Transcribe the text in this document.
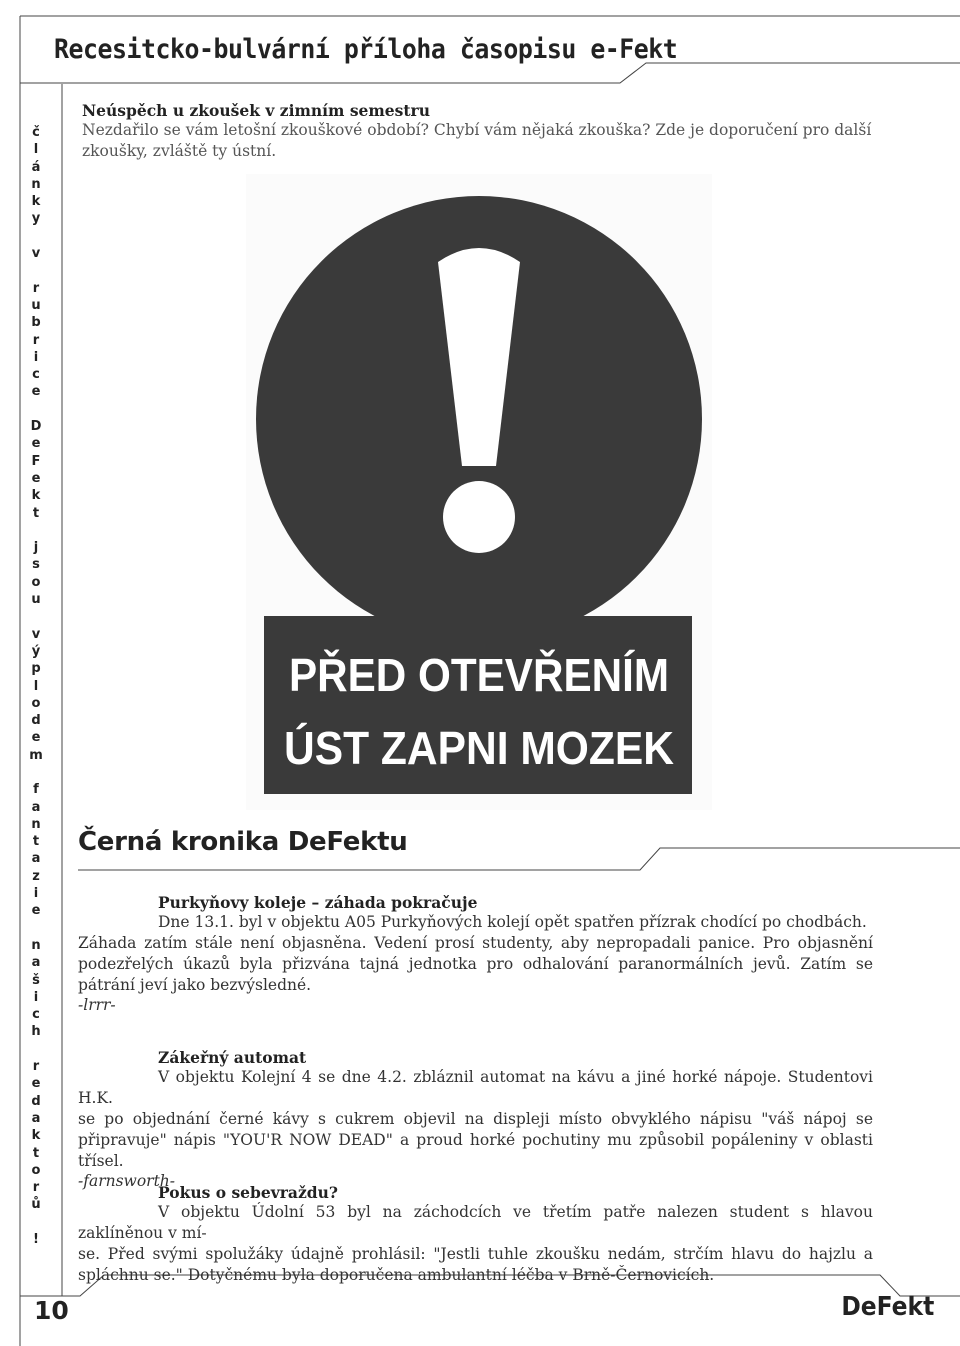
Recesitcko-bulvární příloha časopisu e-Fekt
č
l
á
n
k
y

v

r
u
b
r
i
c
e

D
e
F
e
k
t

j
s
o
u

v
ý
p
l
o
d
e
m

f
a
n
t
a
z
i
e

n
a
š
i
c
h

r
e
d
a
k
t
o
r
ů

!
Neúspěch u zkoušek v zimním semestru
Nezdařilo se vám letošní zkouškové období? Chybí vám nějaká zkouška? Zde je doporučení pro další zkoušky, zvláště ty ústní.
PŘED OTEVŘENÍM
ÚST ZAPNI MOZEK
Černá kronika DeFektu
Purkyňovy koleje – záhada pokračuje

Dne 13.1. byl v objektu A05 Purkyňových kolejí opět spatřen přízrak chodící po chodbách.
Záhada zatím stále není objasněna. Vedení prosí studenty, aby nepropadali panice. Pro objasnění podezřelých úkazů byla přizvána tajná jednotka pro odhalování paranormálních jevů. Zatím se pátrání jeví jako bezvýsledné.

-lrrr-
Zákeřný automat

V objektu Kolejní 4 se dne 4.2. zbláznil automat na kávu a jiné horké nápoje. Studentovi H.K.
se po objednání černé kávy s cukrem objevil na displeji místo obvyklého nápisu "váš nápoj se připravuje" nápis "YOU'R NOW DEAD" a proud horké pochutiny mu způsobil popáleniny v oblasti třísel.

-farnsworth-
Pokus o sebevraždu?

V objektu Údolní 53 byl na záchodcích ve třetím patře nalezen student s hlavou zaklíněnou v mí-
se. Před svými spolužáky údajně prohlásil: "Jestli tuhle zkoušku nedám, strčím hlavu do hajzlu a spláchnu se." Dotyčnému byla doporučena ambulantní léčba v Brně-Černovicích.

10	DeFekt
